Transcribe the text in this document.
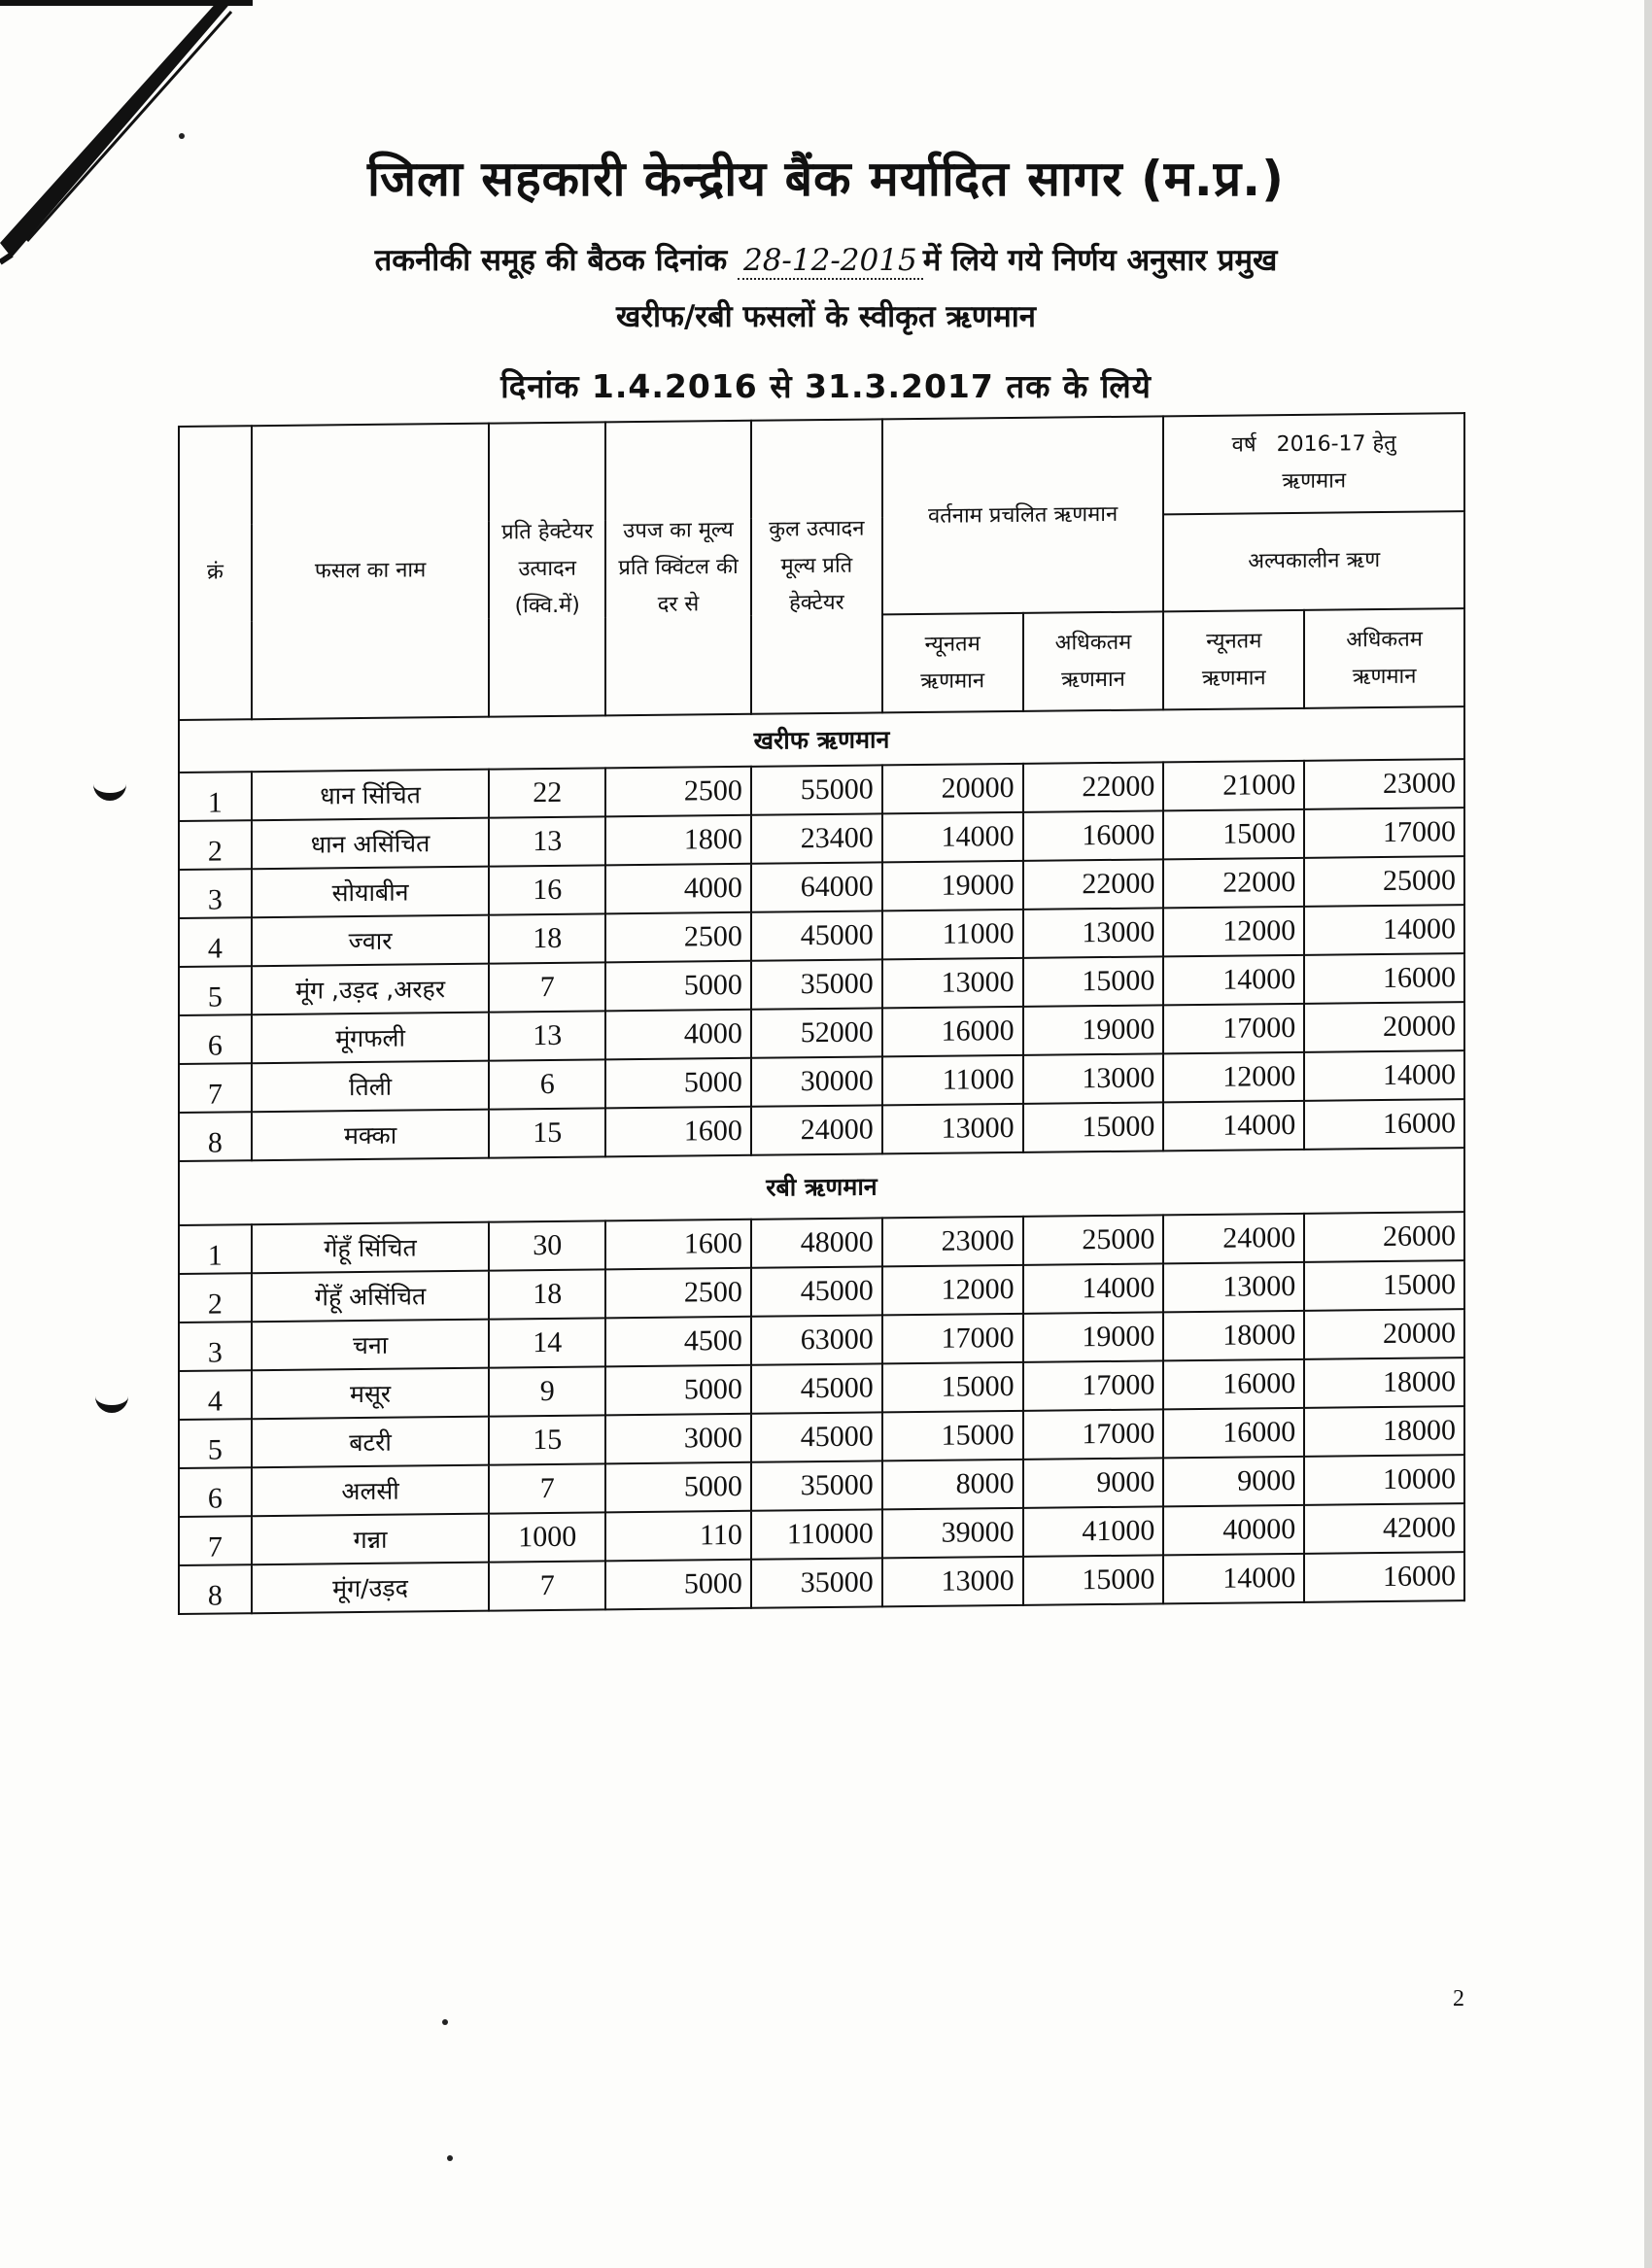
जिला सहकारी केन्द्रीय बैंक मर्यादित सागर (म.प्र.)
तकनीकी समूह की बैठक दिनांक 28-12-2015 में लिये गये निर्णय अनुसार प्रमुख
खरीफ/रबी फसलों के स्वीकृत ऋणमान
दिनांक 1.4.2016 से 31.3.2017 तक के लिये
क्रं	फसल का नाम	प्रति हेक्टेयर उत्पादन (क्वि.में)	उपज का मूल्य प्रति क्विंटल की दर से	कुल उत्पादन मूल्य प्रति हेक्टेयर	वर्तनाम प्रचलित ऋणमान		वर्ष 2016-17 हेतु
ऋणमान	
							अल्पकालीन ऋण	
					न्यूनतम ऋणमान	अधिकतम ऋणमान	न्यूनतम ऋणमान	अधिकतम ऋणमान
खरीफ ऋणमान								
1	धान सिंचित	22	2500	55000	20000	22000	21000	23000
2	धान असिंचित	13	1800	23400	14000	16000	15000	17000
3	सोयाबीन	16	4000	64000	19000	22000	22000	25000
4	ज्वार	18	2500	45000	11000	13000	12000	14000
5	मूंग ,उड़द ,अरहर	7	5000	35000	13000	15000	14000	16000
6	मूंगफली	13	4000	52000	16000	19000	17000	20000
7	तिली	6	5000	30000	11000	13000	12000	14000
8	मक्का	15	1600	24000	13000	15000	14000	16000
रबी ऋणमान								
1	गेंहूँ सिंचित	30	1600	48000	23000	25000	24000	26000
2	गेंहूँ असिंचित	18	2500	45000	12000	14000	13000	15000
3	चना	14	4500	63000	17000	19000	18000	20000
4	मसूर	9	5000	45000	15000	17000	16000	18000
5	बटरी	15	3000	45000	15000	17000	16000	18000
6	अलसी	7	5000	35000	8000	9000	9000	10000
7	गन्ना	1000	110	110000	39000	41000	40000	42000
8	मूंग/उड़द	7	5000	35000	13000	15000	14000	16000
2
